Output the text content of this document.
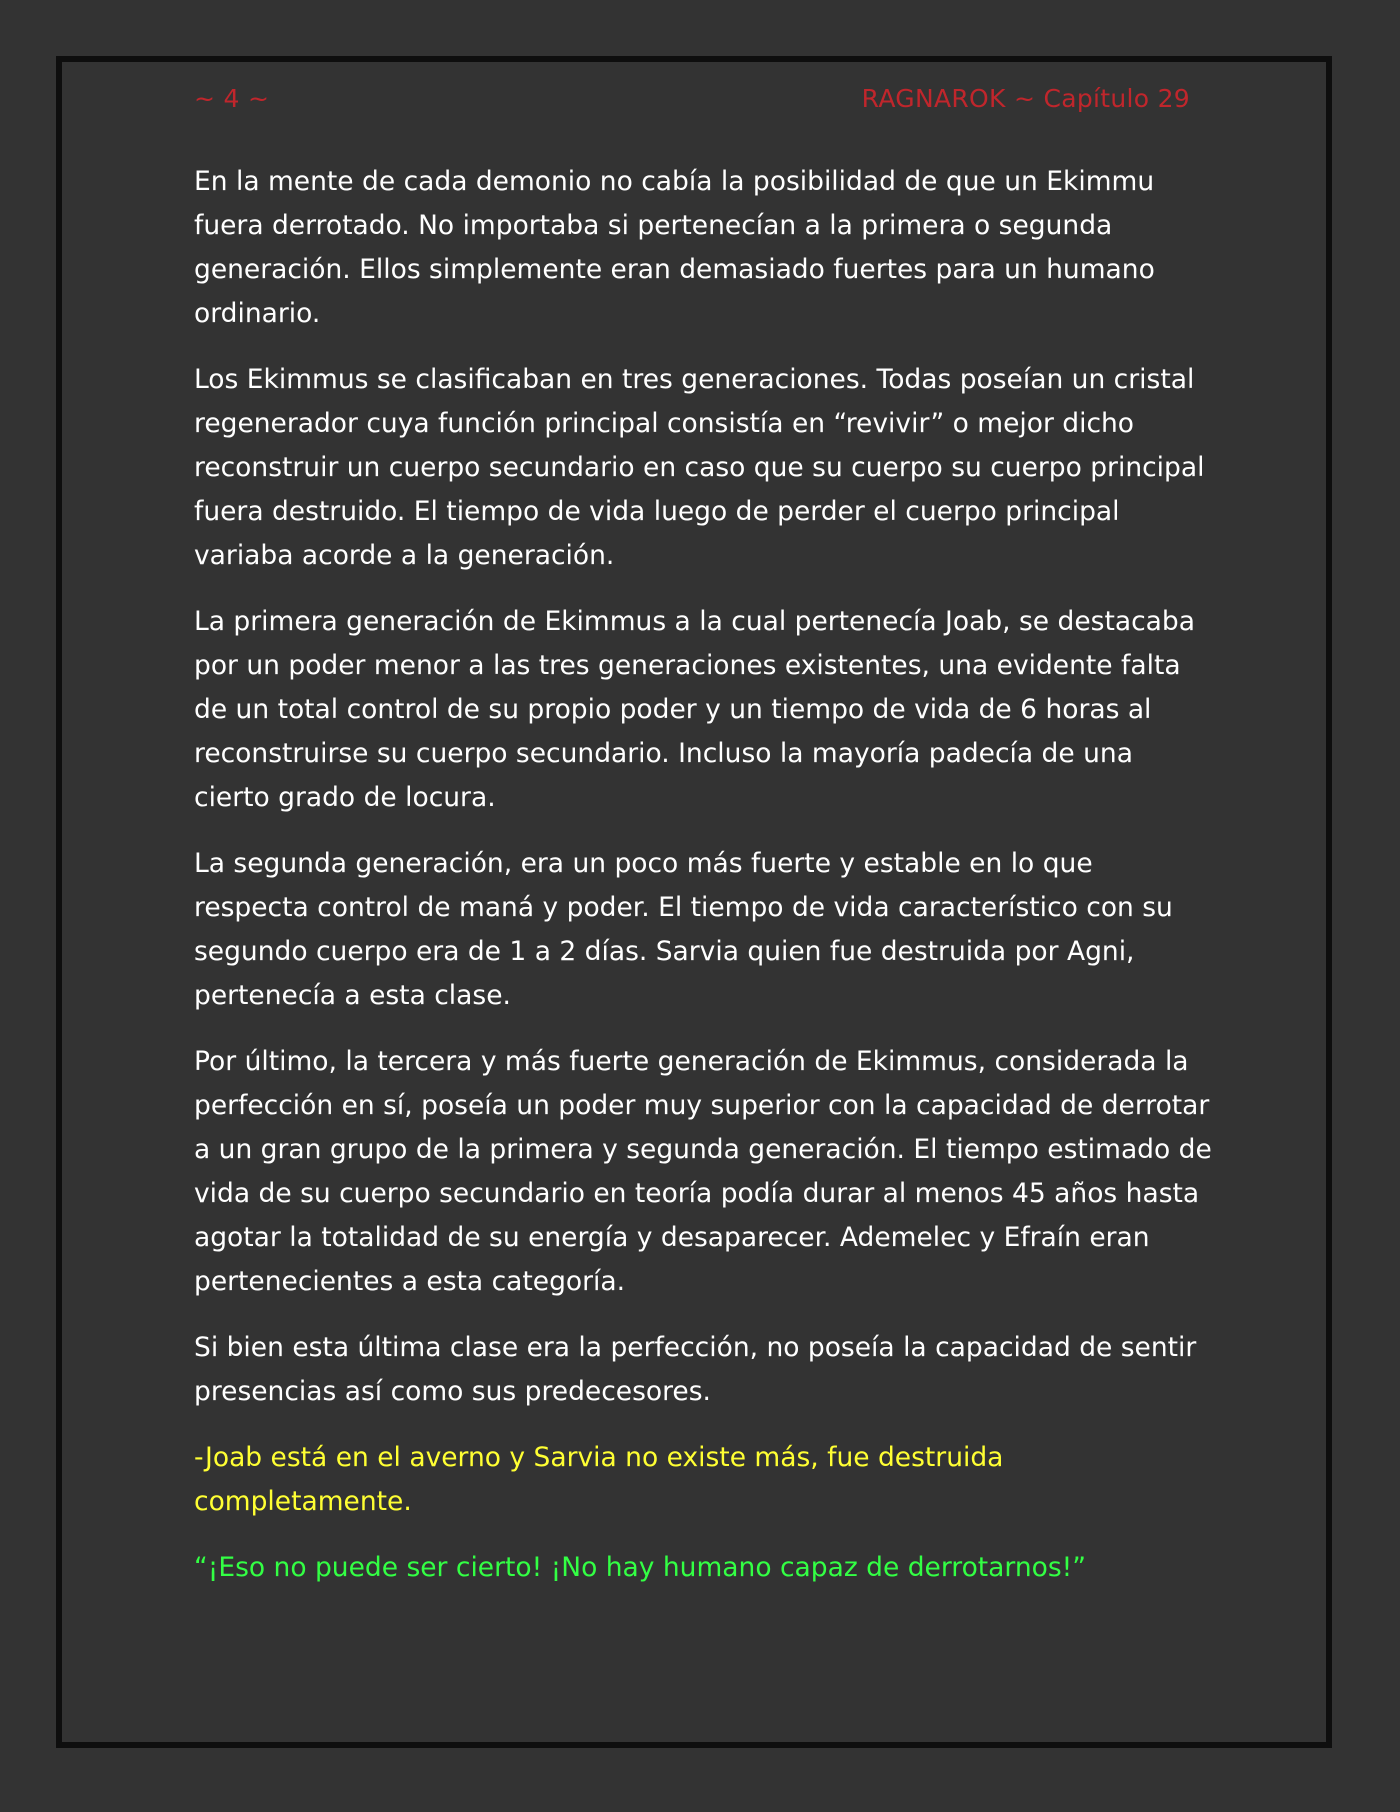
~ 4 ~	RAGNAROK ~ Capítulo 29

En la mente de cada demonio no cabía la posibilidad de que un Ekimmu fuera derrotado. No importaba si pertenecían a la primera o segunda generación. Ellos simplemente eran demasiado fuertes para un humano ordinario.

Los Ekimmus se clasificaban en tres generaciones. Todas poseían un cristal regenerador cuya función principal consistía en “revivir” o mejor dicho reconstruir un cuerpo secundario en caso que su cuerpo su cuerpo principal fuera destruido. El tiempo de vida luego de perder el cuerpo principal variaba acorde a la generación.

La primera generación de Ekimmus a la cual pertenecía Joab, se destacaba por un poder menor a las tres generaciones existentes, una evidente falta de un total control de su propio poder y un tiempo de vida de 6 horas al reconstruirse su cuerpo secundario. Incluso la mayoría padecía de una cierto grado de locura.

La segunda generación, era un poco más fuerte y estable en lo que respecta control de maná y poder. El tiempo de vida característico con su segundo cuerpo era de 1 a 2 días. Sarvia quien fue destruida por Agni, pertenecía a esta clase.

Por último, la tercera y más fuerte generación de Ekimmus, considerada la perfección en sí, poseía un poder muy superior con la capacidad de derrotar a un gran grupo de la primera y segunda generación. El tiempo estimado de vida de su cuerpo secundario en teoría podía durar al menos 45 años hasta agotar la totalidad de su energía y desaparecer. Ademelec y Efraín eran pertenecientes a esta categoría.

Si bien esta última clase era la perfección, no poseía la capacidad de sentir presencias así como sus predecesores.

-Joab está en el averno y Sarvia no existe más, fue destruida completamente.

“¡Eso no puede ser cierto! ¡No hay humano capaz de derrotarnos!”
